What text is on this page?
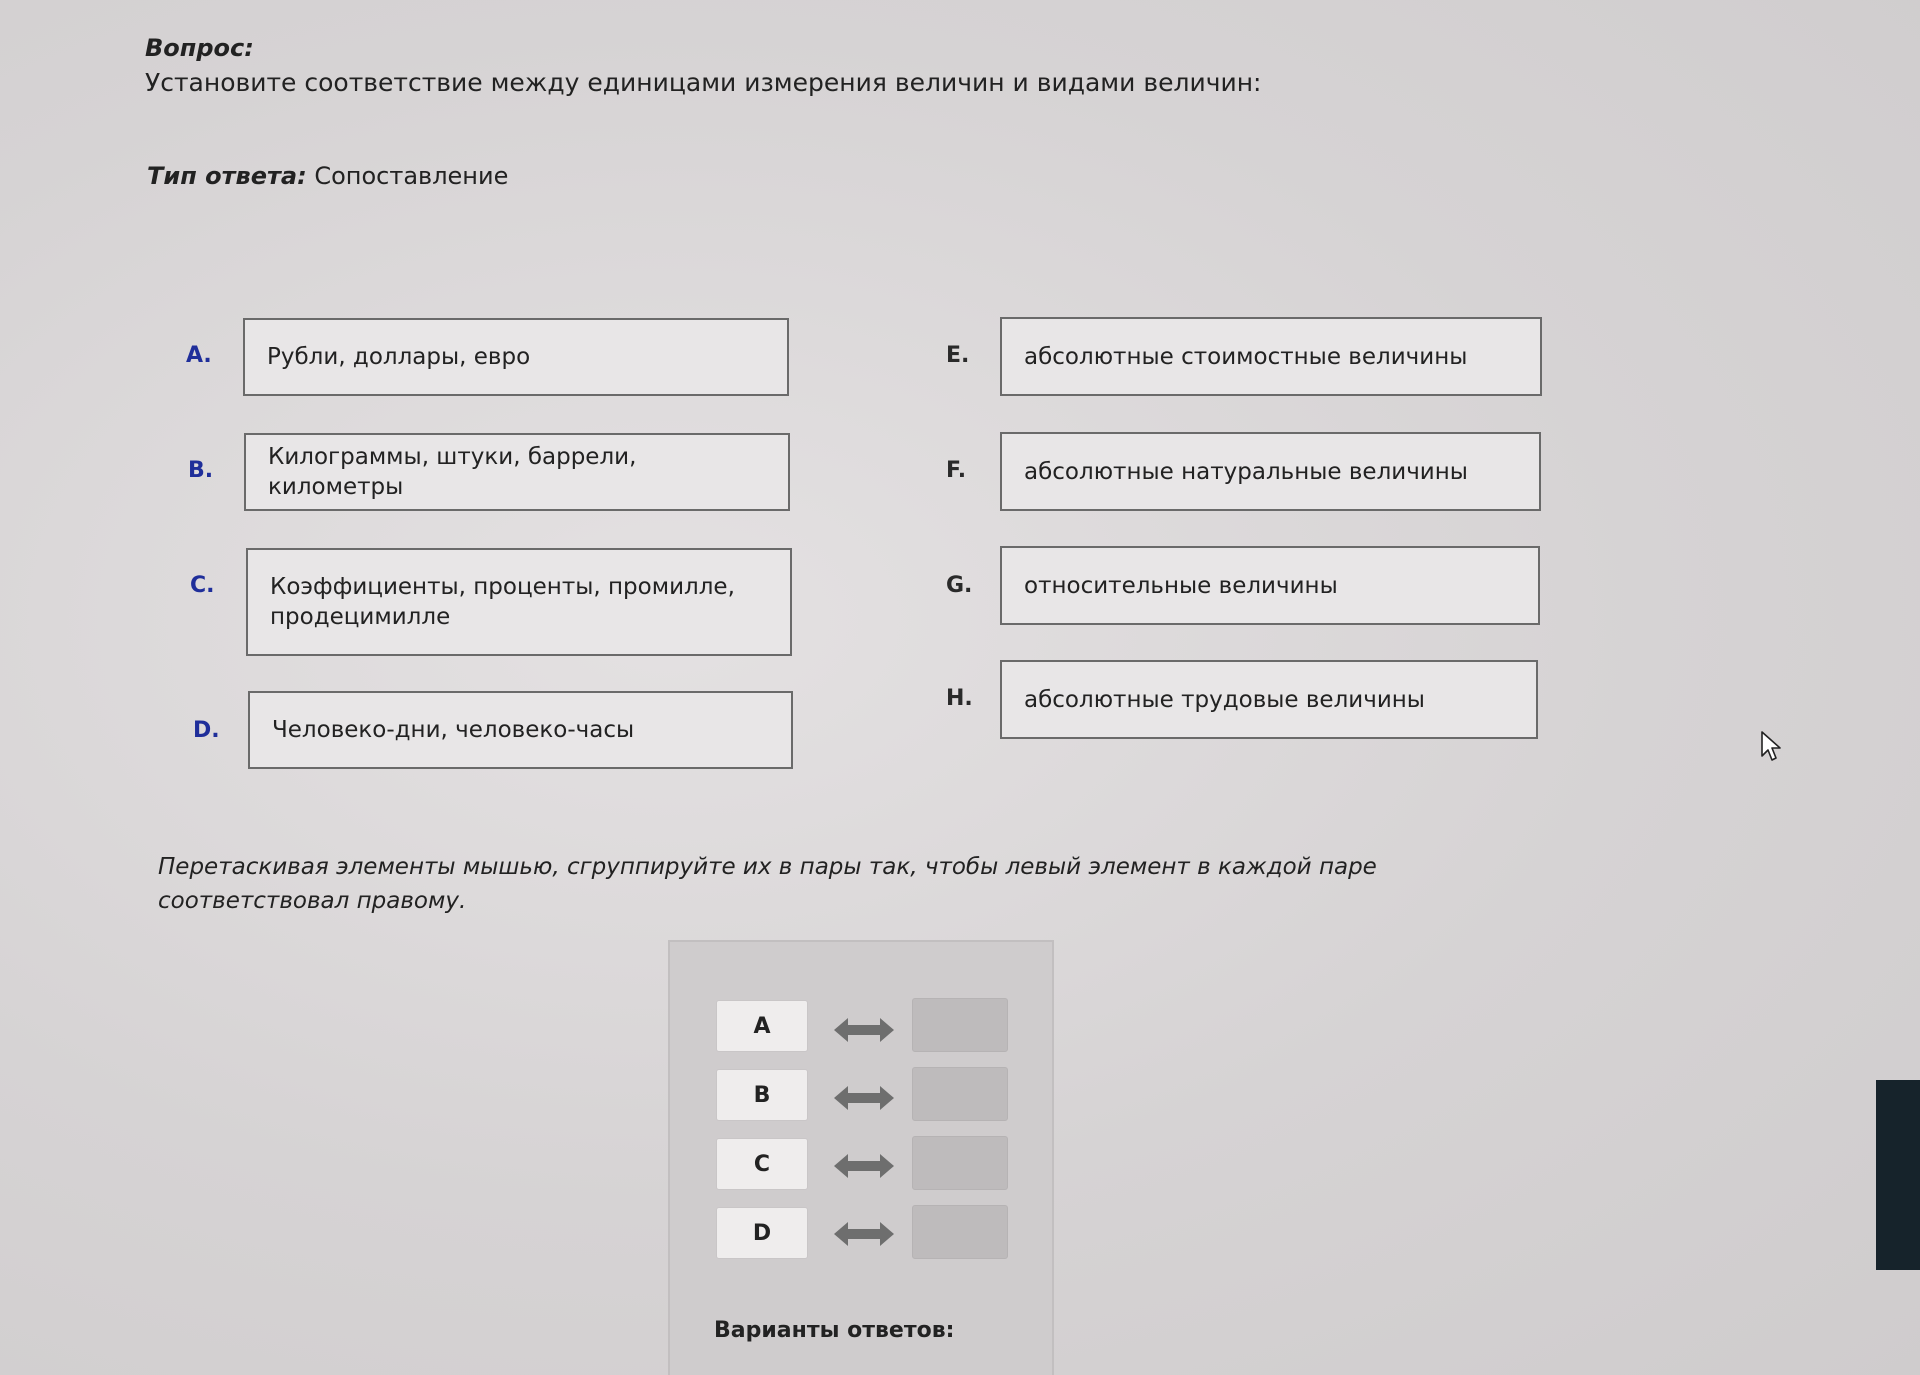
Вопрос:
Установите соответствие между единицами измерения величин и видами величин:
Тип ответа: Сопоставление
A. Рубли, доллары, евро
B.
Килограммы, штуки, баррели, километры
C. Коэффициенты, проценты, промилле, продецимилле
D. Человеко-дни, человеко-часы
E. абсолютные стоимостные величины
F.	абсолютные натуральные величины
G. относительные величины
H. абсолютные трудовые величины
Перетаскивая элементы мышью, сгруппируйте их в пары так, чтобы левый элемент в каждой паре соответствовал правому.
A
B
C
D
Варианты ответов:
